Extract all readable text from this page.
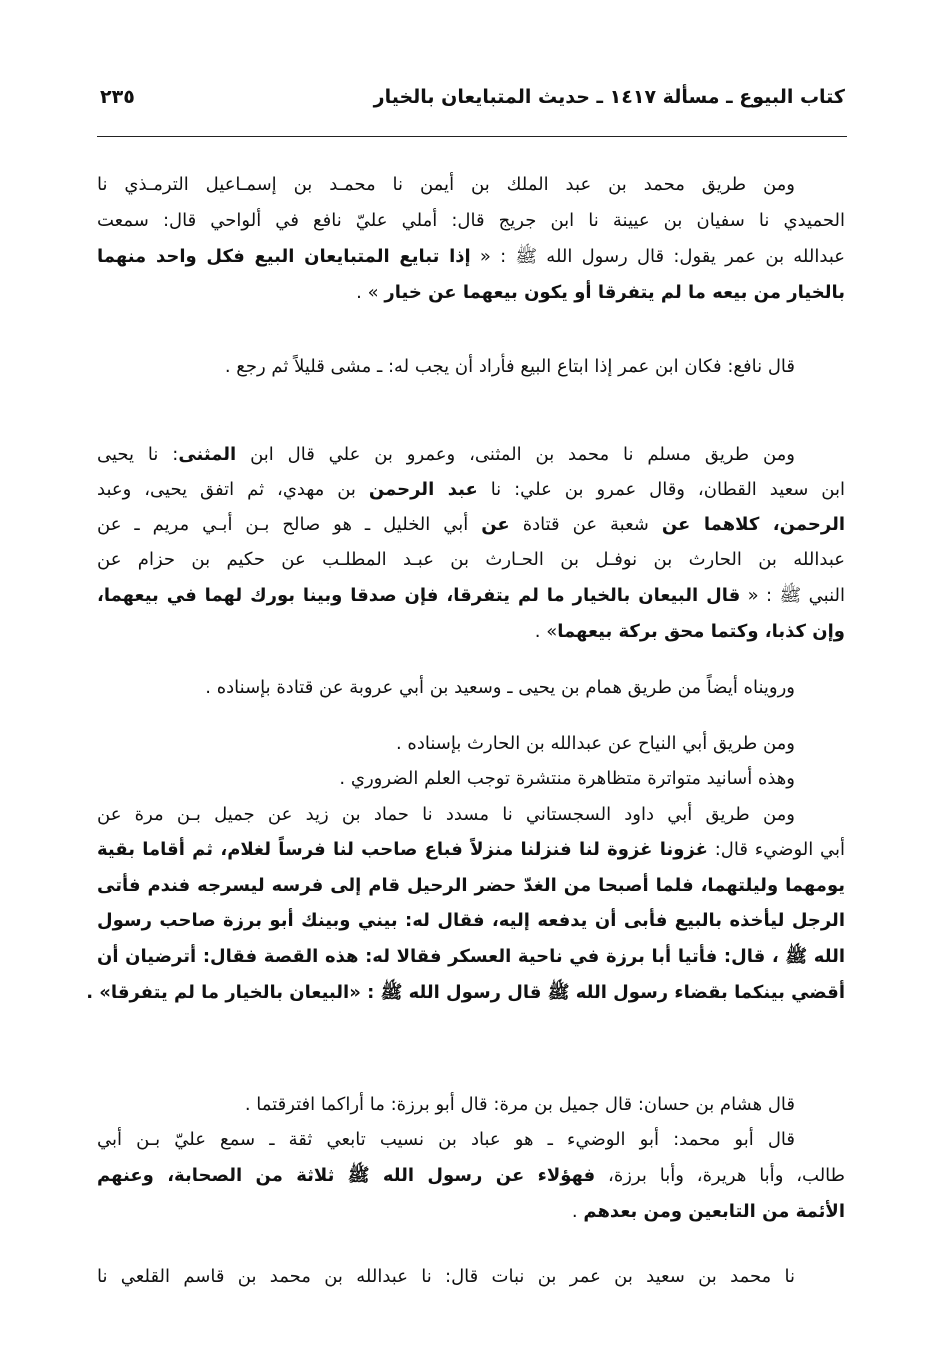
كتاب البيوع ـ مسألة ١٤١٧ ـ حديث المتبايعان بالخيار
٢٣٥
ومن طريق محمد بن عبد الملك بن أيمن نا محمـد بن إسمـاعيل الترمـذي نا
الحميدي نا سفيان بن عيينة نا ابن جريج قال: أملي عليّ نافع في ألواحي قال: سمعت
عبدالله بن عمر يقول: قال رسول الله ﷺ : « إذا تبايع المتبايعان البيع فكل واحد منهما
بالخيار من بيعه ما لم يتفرقا أو يكون بيعهما عن خيار » .
قال نافع: فكان ابن عمر إذا ابتاع البيع فأراد أن يجب له: ـ مشى قليلاً ثم رجع .
ومن طريق مسلم نا محمد بن المثنى، وعمرو بن علي قال ابن المثنى: نا يحيى
ابن سعيد القطان، وقال عمرو بن علي: نا عبد الرحمن بن مهدي، ثم اتفق يحيى، وعبد
الرحمن، كلاهما عن شعبة عن قتادة عن أبي الخليل ـ هو صالح بـن أبـي مريم ـ عن
عبدالله بن الحارث بن نوفـل بن الحـارث بن عبـد المطلـب عن حكيم بن حزام عن
النبي ﷺ : « قال البيعان بالخيار ما لم يتفرقا، فإن صدقا وبينا بورك لهما في بيعهما،
وإن كذبا، وكتما محق بركة بيعهما» .
ورويناه أيضاً من طريق همام بن يحيى ـ وسعيد بن أبي عروبة عن قتادة بإسناده .
ومن طريق أبي النياح عن عبدالله بن الحارث بإسناده .
وهذه أسانيد متواترة متظاهرة منتشرة توجب العلم الضروري .
ومن طريق أبي داود السجستاني نا مسدد نا حماد بن زيد عن جميل بـن مرة عن
أبي الوضيء قال: غزونا غزوة لنا فنزلنا منزلاً فباع صاحب لنا فرساً لغلام، ثم أقاما بقية
يومهما وليلتهما، فلما أصبحا من الغدّ حضر الرحيل قام إلى فرسه ليسرجه فندم فأتى
الرجل ليأخذه بالبيع فأبى أن يدفعه إليه، فقال له: بيني وبينك أبو برزة صاحب رسول
الله ﷺ ، قال: فأتيا أبا برزة في ناحية العسكر فقالا له: هذه القصة فقال: أترضيان أن
أقضي بينكما بقضاء رسول الله ﷺ قال رسول الله ﷺ : «البيعان بالخيار ما لم يتفرقا» .
قال هشام بن حسان: قال جميل بن مرة: قال أبو برزة: ما أراكما افترقتما .
قال أبو محمد: أبو الوضيء ـ هو عباد بن نسيب تابعي ثقة ـ سمع عليّ بـن أبي
طالب، وأبا هريرة، وأبا برزة، فهؤلاء عن رسول الله ﷺ ثلاثة من الصحابة، وعنهم
الأئمة من التابعين ومن بعدهم .
نا محمد بن سعيد بن عمر بن نبات قال: نا عبدالله بن محمد بن قاسم القلعي نا
